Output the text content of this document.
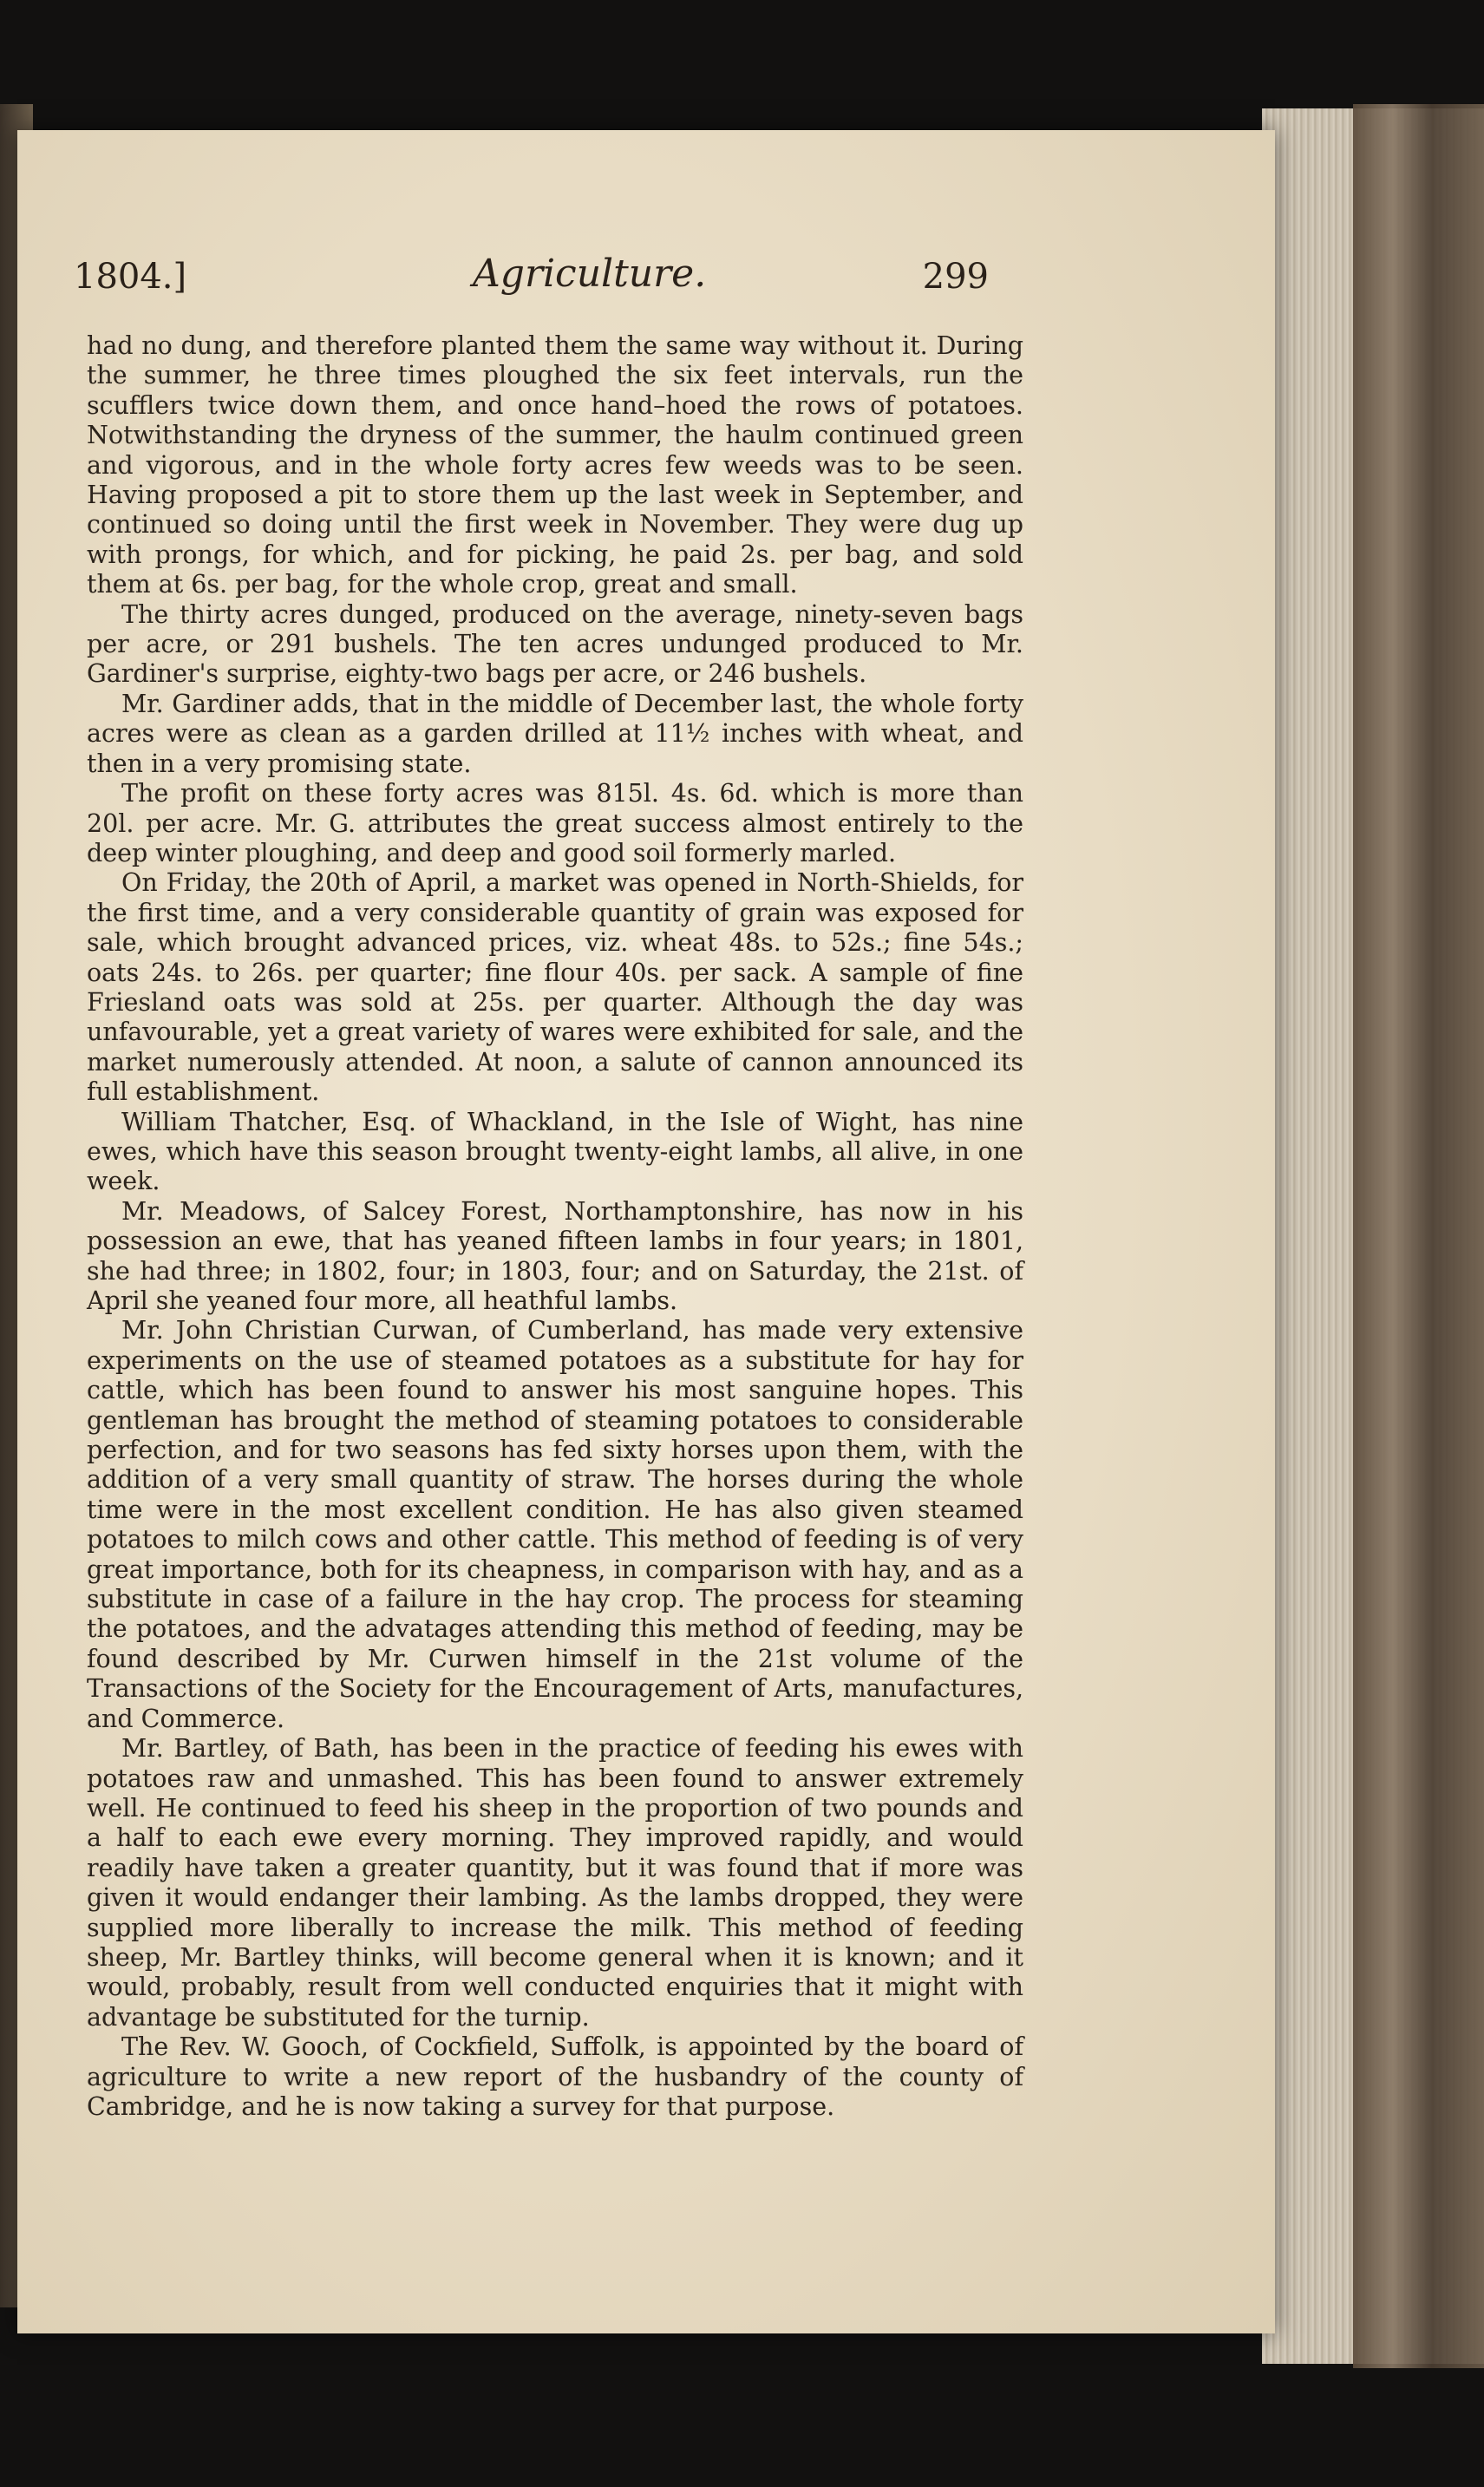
1804.]	Agriculture.	299

had no dung, and therefore planted them the same way without it. During the summer, he three times ploughed the six feet intervals, run the scufflers twice down them, and once hand–hoed the rows of potatoes. Notwithstanding the dryness of the summer, the haulm continued green and vigorous, and in the whole forty acres few weeds was to be seen. Having proposed a pit to store them up the last week in September, and continued so doing until the first week in November. They were dug up with prongs, for which, and for picking, he paid 2s. per bag, and sold them at 6s. per bag, for the whole crop, great and small.

The thirty acres dunged, produced on the average, ninety-seven bags per acre, or 291 bushels. The ten acres undunged produced to Mr. Gardiner's surprise, eighty-two bags per acre, or 246 bushels.

Mr. Gardiner adds, that in the middle of December last, the whole forty acres were as clean as a garden drilled at 11½ inches with wheat, and then in a very promising state.

The profit on these forty acres was 815l. 4s. 6d. which is more than 20l. per acre. Mr. G. attributes the great success almost entirely to the deep winter ploughing, and deep and good soil formerly marled.

On Friday, the 20th of April, a market was opened in North-Shields, for the first time, and a very considerable quantity of grain was exposed for sale, which brought advanced prices, viz. wheat 48s. to 52s.; fine 54s.; oats 24s. to 26s. per quarter; fine flour 40s. per sack. A sample of fine Friesland oats was sold at 25s. per quarter. Although the day was unfavourable, yet a great variety of wares were exhibited for sale, and the market numerously attended. At noon, a salute of cannon announced its full establishment.

William Thatcher, Esq. of Whackland, in the Isle of Wight, has nine ewes, which have this season brought twenty-eight lambs, all alive, in one week.

Mr. Meadows, of Salcey Forest, Northamptonshire, has now in his possession an ewe, that has yeaned fifteen lambs in four years; in 1801, she had three; in 1802, four; in 1803, four; and on Saturday, the 21st. of April she yeaned four more, all heathful lambs.

Mr. John Christian Curwan, of Cumberland, has made very extensive experiments on the use of steamed potatoes as a substitute for hay for cattle, which has been found to answer his most sanguine hopes. This gentleman has brought the method of steaming potatoes to considerable perfection, and for two seasons has fed sixty horses upon them, with the addition of a very small quantity of straw. The horses during the whole time were in the most excellent condition. He has also given steamed potatoes to milch cows and other cattle. This method of feeding is of very great importance, both for its cheapness, in comparison with hay, and as a substitute in case of a failure in the hay crop. The process for steaming the potatoes, and the advatages attending this method of feeding, may be found described by Mr. Curwen himself in the 21st volume of the Transactions of the Society for the Encouragement of Arts, manufactures, and Commerce.

Mr. Bartley, of Bath, has been in the practice of feeding his ewes with potatoes raw and unmashed. This has been found to answer extremely well. He continued to feed his sheep in the proportion of two pounds and a half to each ewe every morning. They improved rapidly, and would readily have taken a greater quantity, but it was found that if more was given it would endanger their lambing. As the lambs dropped, they were supplied more liberally to increase the milk. This method of feeding sheep, Mr. Bartley thinks, will become general when it is known; and it would, probably, result from well conducted enquiries that it might with advantage be substituted for the turnip.

The Rev. W. Gooch, of Cockfield, Suffolk, is appointed by the board of agriculture to write a new report of the husbandry of the county of Cambridge, and he is now taking a survey for that purpose.
